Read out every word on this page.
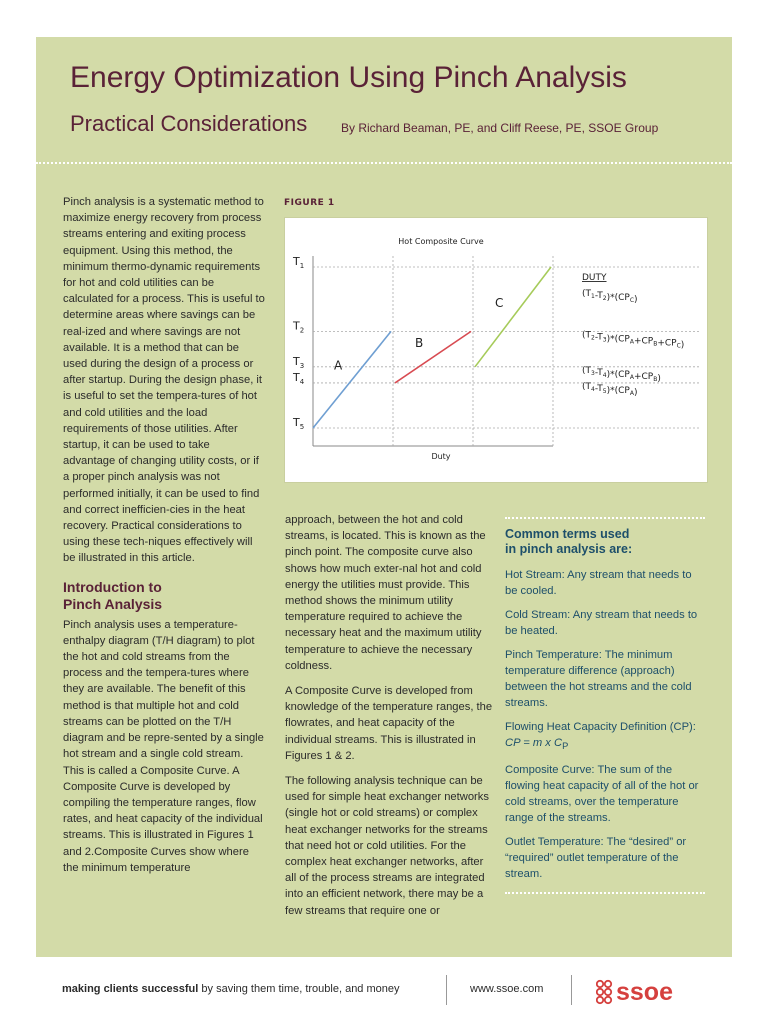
Energy Optimization Using Pinch Analysis
Practical Considerations	By Richard Beaman, PE, and Cliff Reese, PE, SSOE Group

Pinch analysis is a systematic method to maximize energy recovery from process streams entering and exiting process equipment. Using this method, the minimum thermo-dynamic requirements for hot and cold utilities can be calculated for a process. This is useful to determine areas where savings can be real-ized and where savings are not available. It is a method that can be used during the design of a process or after startup. During the design phase, it is useful to set the tempera-tures of hot and cold utilities and the load requirements of those utilities. After startup, it can be used to take advantage of changing utility costs, or if a proper pinch analysis was not performed initially, it can be used to find and correct inefficien-cies in the heat recovery. Practical considerations to using these tech-niques effectively will be illustrated in this article.

Introduction to
Pinch Analysis

Pinch analysis uses a temperature-enthalpy diagram (T/H diagram) to plot the hot and cold streams from the process and the tempera-tures where they are available. The benefit of this method is that multiple hot and cold streams can be plotted on the T/H diagram and be repre-sented by a single hot stream and a single cold stream. This is called a Composite Curve. A Composite Curve is developed by compiling the temperature ranges, flow rates, and heat capacity of the individual streams. This is illustrated in Figures 1 and 2.Composite Curves show where the minimum temperature

FIGURE 1
Hot Composite Curve
$T_1$
$T_2$
$T_3$
$T_4$
$T_5$
A
B
C
Duty
DUTY
$(T_1-T_2)*(CP_C)$
$(T_2-T_3)*(CP_A+CP_B+CP_C)$
$(T_3-T_4)*(CP_A+CP_B)$
$(T_4-T_5)*(CP_A)$

approach, between the hot and cold streams, is located. This is known as the pinch point. The composite curve also shows how much exter-nal hot and cold energy the utilities must provide. This method shows the minimum utility temperature required to achieve the necessary heat and the maximum utility temperature to achieve the necessary coldness.

A Composite Curve is developed from knowledge of the temperature ranges, the flowrates, and heat capacity of the individual streams. This is illustrated in Figures 1 & 2.

The following analysis technique can be used for simple heat exchanger networks (single hot or cold streams) or complex heat exchanger networks for the streams that need hot or cold utilities. For the complex heat exchanger networks, after all of the process streams are integrated into an efficient network, there may be a few streams that require one or

Common terms used
in pinch analysis are:
Hot Stream: Any stream that needs to be cooled.
Cold Stream: Any stream that needs to be heated.
Pinch Temperature: The minimum temperature difference (approach) between the hot streams and the cold streams.
Flowing Heat Capacity Definition (CP): CP = m x $C_P$
Composite Curve: The sum of the flowing heat capacity of all of the hot or cold streams, over the temperature range of the streams.
Outlet Temperature: The “desired” or “required” outlet temperature of the stream.
making clients successful by saving them time, trouble, and money	www.ssoe.com	ssoe
